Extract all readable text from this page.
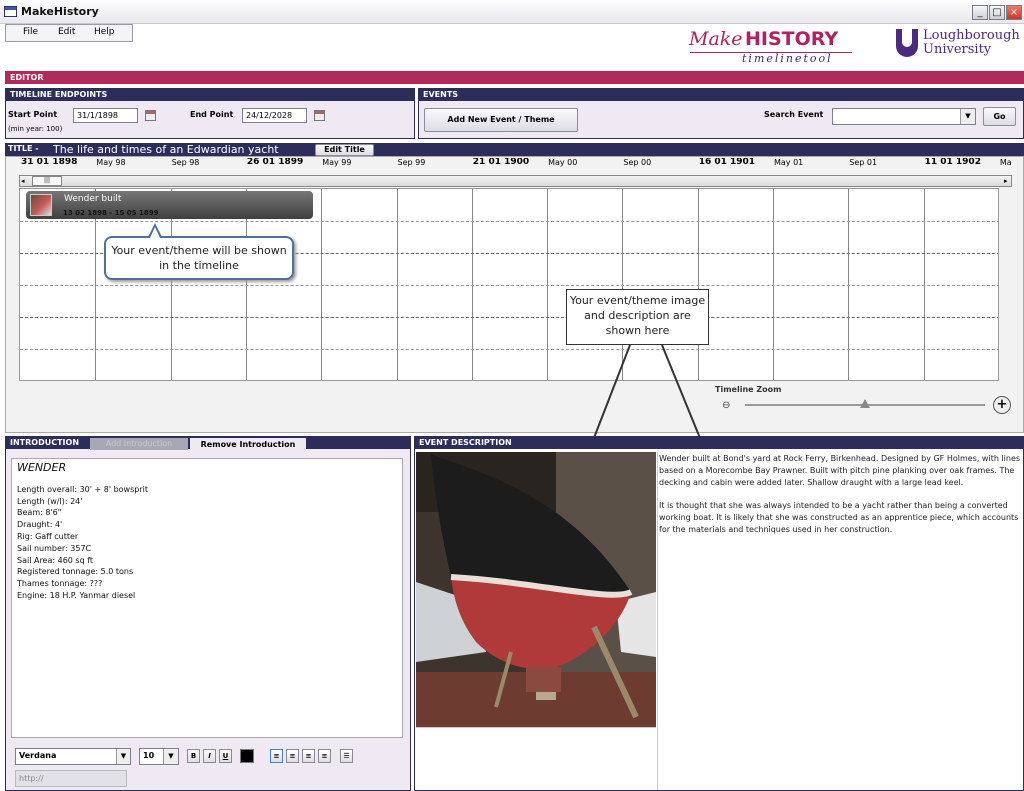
MakeHistory	_ □ ×
File Edit Help	Make HISTORY
timelinetool
Loughborough
University
EDITOR
TIMELINE ENDPOINTS
Start Point	31/1/1898	End Point	24/12/2028
(min year: 100)
EVENTS
Add New Event / Theme
Search Event	▼	Go
TITLE - The life and times of an Edwardian yacht	Edit Title
31 01 1898 May 98	Sep 98	26 01 1899 May 99	Sep 99	21 01 1900 May 00	Sep 00	16 01 1901 May 01	Sep 01	11 01 1902 Ma
◂	|||	▸
Wender built
13 02 1898 - 15 05 1899
Your event/theme will be shown in the timeline
Your event/theme image and description are shown here
Timeline Zoom
⊖	+
INTRODUCTION	Add Introduction	Remove Introduction
WENDER
Length overall: 30' + 8' bowsprit
Length (w/l): 24'
Beam: 8'6"
Draught: 4'
Rig: Gaff cutter
Sail number: 357C
Sail Area: 460 sq ft
Registered tonnage: 5.0 tons
Thames tonnage: ???
Engine: 18 H.P. Yanmar diesel
Verdana	▼	10	▼	B	I	U	≡	≡	≡	≡	☰
http://
EVENT DESCRIPTION
Wender built at Bond's yard at Rock Ferry, Birkenhead. Designed by GF Holmes, with lines based on a Morecombe Bay Prawner. Built with pitch pine planking over oak frames. The decking and cabin were added later. Shallow draught with a large lead keel.
It is thought that she was always intended to be a yacht rather than being a converted working boat. It is likely that she was constructed as an apprentice piece, which accounts for the materials and techniques used in her construction.
